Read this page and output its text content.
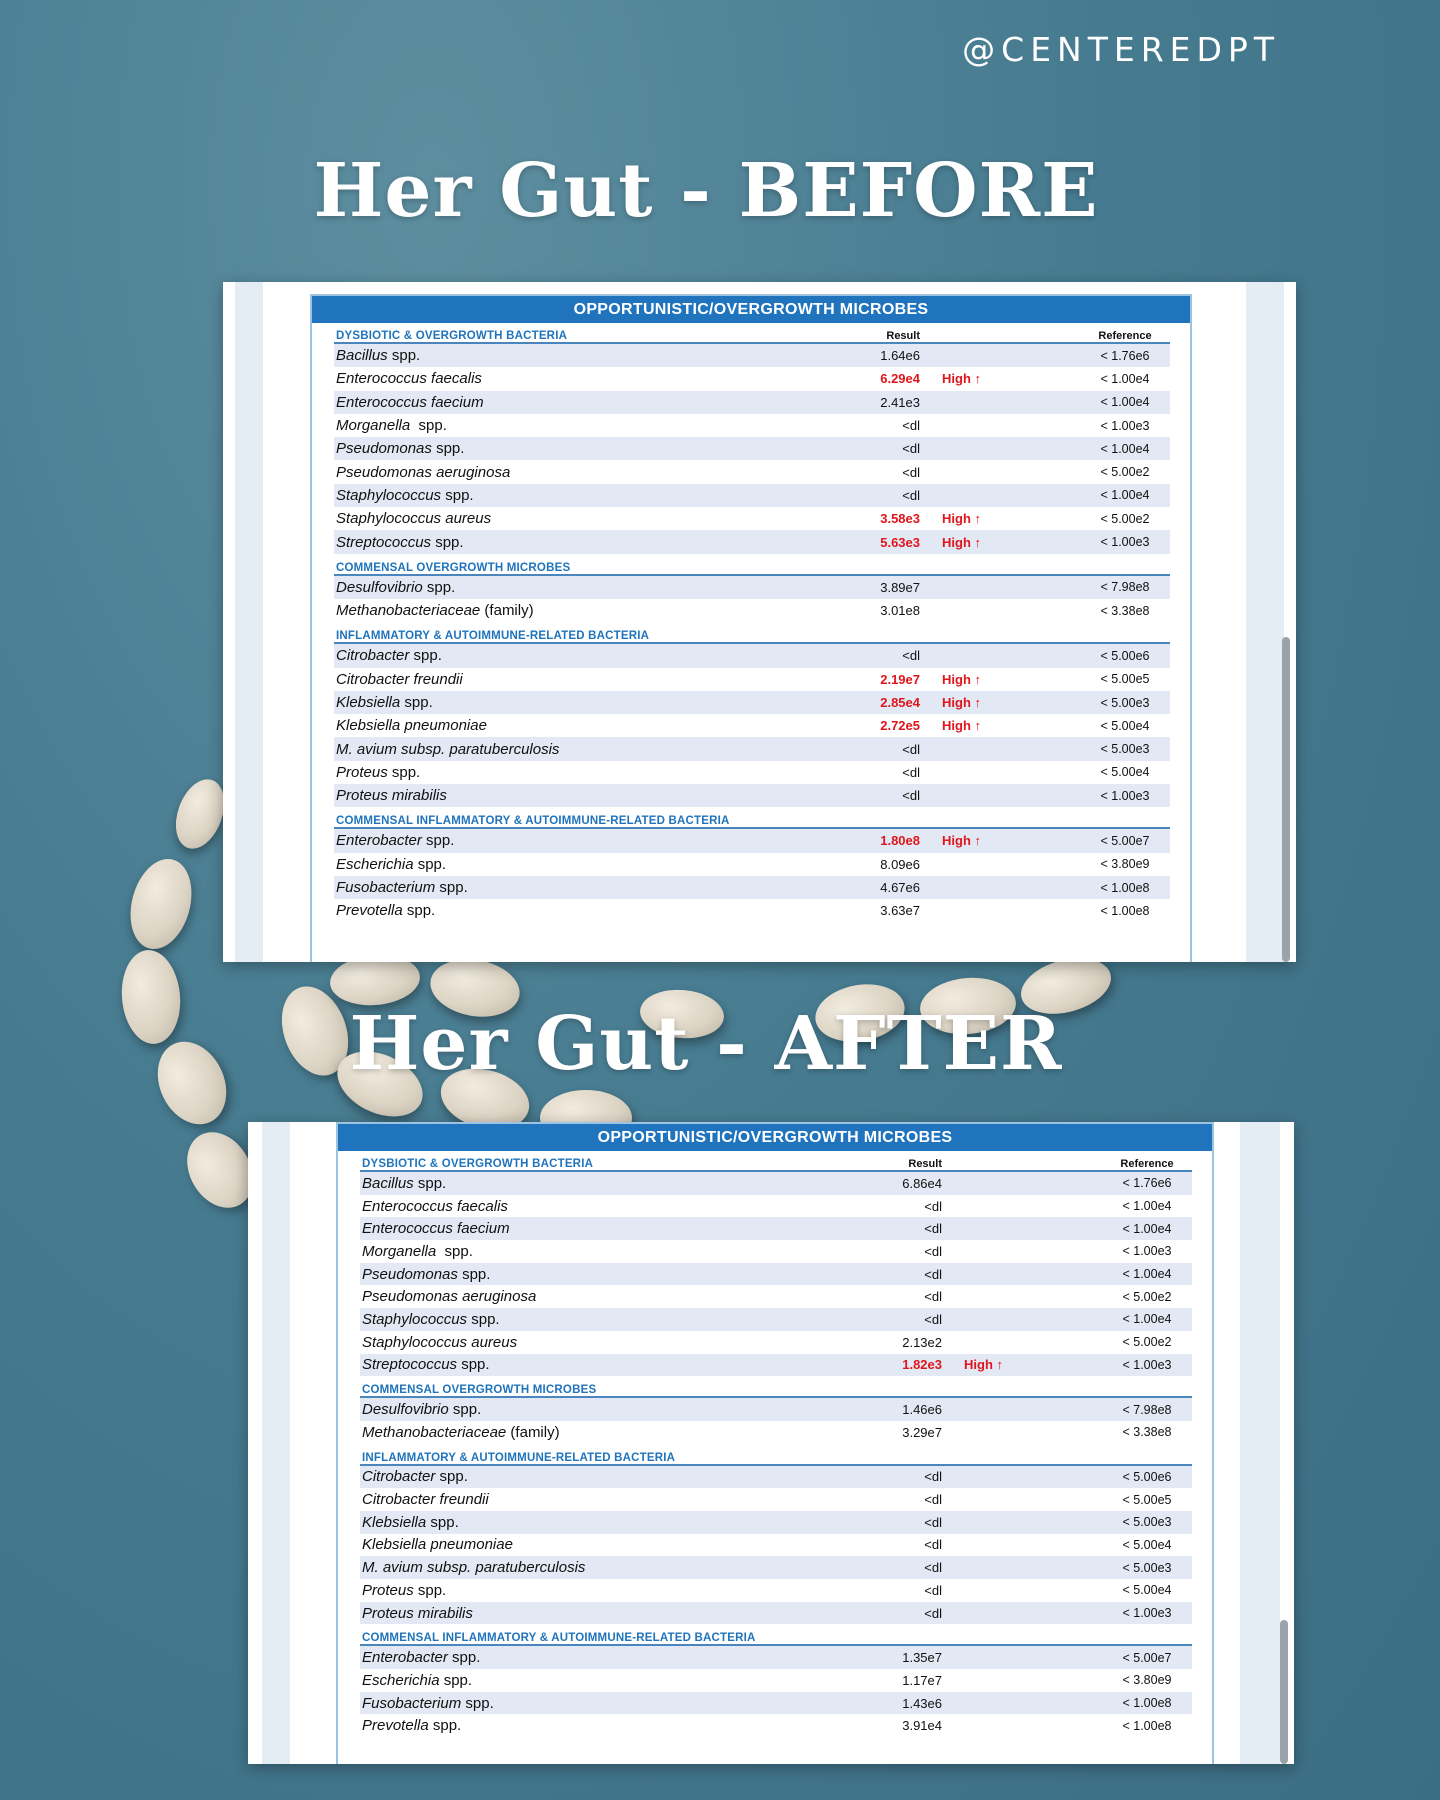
@CENTEREDPT
Her Gut - BEFORE
OPPORTUNISTIC/OVERGROWTH MICROBES
DYSBIOTIC & OVERGROWTH BACTERIA	Result	Reference
Bacillus spp.	1.64e6	< 1.76e6
Enterococcus faecalis	6.29e4	High ↑	< 1.00e4
Enterococcus faecium	2.41e3	< 1.00e4
Morganella  spp.	<dl	< 1.00e3
Pseudomonas spp.	<dl	< 1.00e4
Pseudomonas aeruginosa	<dl	< 5.00e2
Staphylococcus spp.	<dl	< 1.00e4
Staphylococcus aureus	3.58e3	High ↑	< 5.00e2
Streptococcus spp.	5.63e3	High ↑	< 1.00e3
COMMENSAL OVERGROWTH MICROBES
Desulfovibrio spp.	3.89e7	< 7.98e8
Methanobacteriaceae (family)	3.01e8	< 3.38e8
INFLAMMATORY & AUTOIMMUNE-RELATED BACTERIA
Citrobacter spp.	<dl	< 5.00e6
Citrobacter freundii	2.19e7	High ↑	< 5.00e5
Klebsiella spp.	2.85e4	High ↑	< 5.00e3
Klebsiella pneumoniae	2.72e5	High ↑	< 5.00e4
M. avium subsp. paratuberculosis	<dl	< 5.00e3
Proteus spp.	<dl	< 5.00e4
Proteus mirabilis	<dl	< 1.00e3
COMMENSAL INFLAMMATORY & AUTOIMMUNE-RELATED BACTERIA
Enterobacter spp.	1.80e8	High ↑	< 5.00e7
Escherichia spp.	8.09e6	< 3.80e9
Fusobacterium spp.	4.67e6	< 1.00e8
Prevotella spp.	3.63e7	< 1.00e8
Her Gut - AFTER
OPPORTUNISTIC/OVERGROWTH MICROBES
DYSBIOTIC & OVERGROWTH BACTERIA	Result	Reference
Bacillus spp.	6.86e4	< 1.76e6
Enterococcus faecalis	<dl	< 1.00e4
Enterococcus faecium	<dl	< 1.00e4
Morganella  spp.	<dl	< 1.00e3
Pseudomonas spp.	<dl	< 1.00e4
Pseudomonas aeruginosa	<dl	< 5.00e2
Staphylococcus spp.	<dl	< 1.00e4
Staphylococcus aureus	2.13e2	< 5.00e2
Streptococcus spp.	1.82e3	High ↑	< 1.00e3
COMMENSAL OVERGROWTH MICROBES
Desulfovibrio spp.	1.46e6	< 7.98e8
Methanobacteriaceae (family)	3.29e7	< 3.38e8
INFLAMMATORY & AUTOIMMUNE-RELATED BACTERIA
Citrobacter spp.	<dl	< 5.00e6
Citrobacter freundii	<dl	< 5.00e5
Klebsiella spp.	<dl	< 5.00e3
Klebsiella pneumoniae	<dl	< 5.00e4
M. avium subsp. paratuberculosis	<dl	< 5.00e3
Proteus spp.	<dl	< 5.00e4
Proteus mirabilis	<dl	< 1.00e3
COMMENSAL INFLAMMATORY & AUTOIMMUNE-RELATED BACTERIA
Enterobacter spp.	1.35e7	< 5.00e7
Escherichia spp.	1.17e7	< 3.80e9
Fusobacterium spp.	1.43e6	< 1.00e8
Prevotella spp.	3.91e4	< 1.00e8
